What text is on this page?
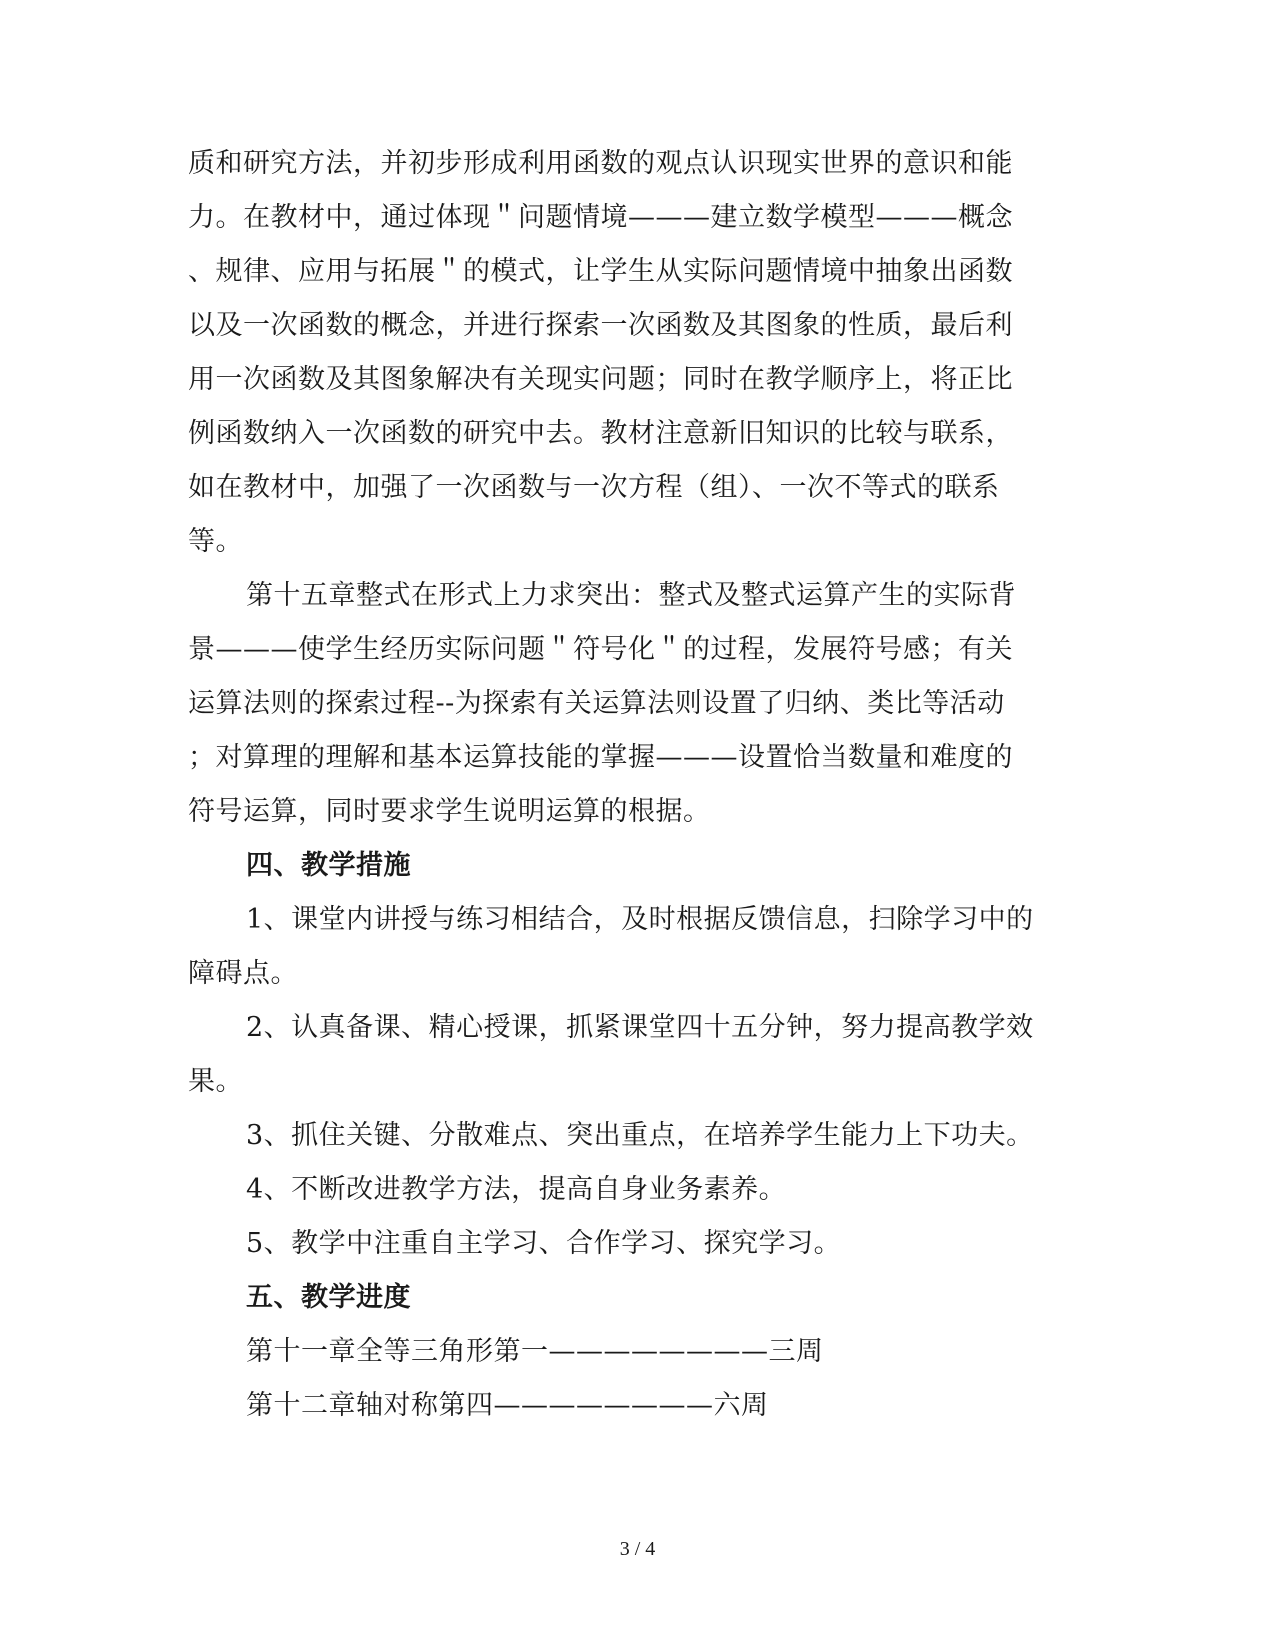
质和研究方法，并初步形成利用函数的观点认识现实世界的意识和能
力。在教材中，通过体现＂问题情境———建立数学模型———概念
、规律、应用与拓展＂的模式，让学生从实际问题情境中抽象出函数
以及一次函数的概念，并进行探索一次函数及其图象的性质，最后利
用一次函数及其图象解决有关现实问题；同时在教学顺序上，将正比
例函数纳入一次函数的研究中去。教材注意新旧知识的比较与联系，
如在教材中，加强了一次函数与一次方程（组）、一次不等式的联系
等。
第十五章整式在形式上力求突出：整式及整式运算产生的实际背
景———使学生经历实际问题＂符号化＂的过程，发展符号感；有关
运算法则的探索过程--为探索有关运算法则设置了归纳、类比等活动
；对算理的理解和基本运算技能的掌握———设置恰当数量和难度的
符号运算，同时要求学生说明运算的根据。
四、教学措施
1、课堂内讲授与练习相结合，及时根据反馈信息，扫除学习中的
障碍点。
2、认真备课、精心授课，抓紧课堂四十五分钟，努力提高教学效
果。
3、抓住关键、分散难点、突出重点，在培养学生能力上下功夫。
4、不断改进教学方法，提高自身业务素养。
5、教学中注重自主学习、合作学习、探究学习。
五、教学进度
第十一章全等三角形第一————————三周
第十二章轴对称第四————————六周
3 / 4
